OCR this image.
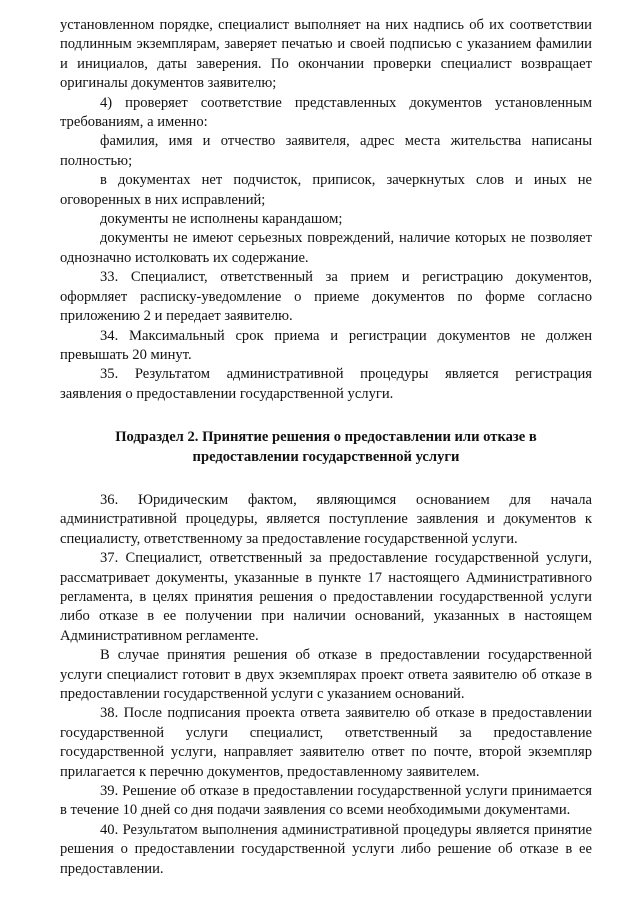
установленном порядке, специалист выполняет на них надпись об их соответствии подлинным экземплярам, заверяет печатью и своей подписью с указанием фамилии и инициалов, даты заверения. По окончании проверки специалист возвращает оригиналы документов заявителю;

4) проверяет соответствие представленных документов установленным требованиям, а именно:

фамилия, имя и отчество заявителя, адрес места жительства написаны полностью;

в документах нет подчисток, приписок, зачеркнутых слов и иных не оговоренных в них исправлений;

документы не исполнены карандашом;

документы не имеют серьезных повреждений, наличие которых не позволяет однозначно истолковать их содержание.

33. Специалист, ответственный за прием и регистрацию документов, оформляет расписку-уведомление о приеме документов по форме согласно приложению 2 и передает заявителю.

34. Максимальный срок приема и регистрации документов не должен превышать 20 минут.

35. Результатом административной процедуры является регистрация заявления о предоставлении государственной услуги.

Подраздел 2. Принятие решения о предоставлении или отказе в предоставлении государственной услуги

36. Юридическим фактом, являющимся основанием для начала административной процедуры, является поступление заявления и документов к специалисту, ответственному за предоставление государственной услуги.

37. Специалист, ответственный за предоставление государственной услуги, рассматривает документы, указанные в пункте 17 настоящего Административного регламента, в целях принятия решения о предоставлении государственной услуги либо отказе в ее получении при наличии оснований, указанных в настоящем Административном регламенте.

В случае принятия решения об отказе в предоставлении государственной услуги специалист готовит в двух экземплярах проект ответа заявителю об отказе в предоставлении государственной услуги с указанием оснований.

38. После подписания проекта ответа заявителю об отказе в предоставлении государственной услуги специалист, ответственный за предоставление государственной услуги, направляет заявителю ответ по почте, второй экземпляр прилагается к перечню документов, предоставленному заявителем.

39. Решение об отказе в предоставлении государственной услуги принимается в течение 10 дней со дня подачи заявления со всеми необходимыми документами.

40. Результатом выполнения административной процедуры является принятие решения о предоставлении государственной услуги либо решение об отказе в ее предоставлении.
